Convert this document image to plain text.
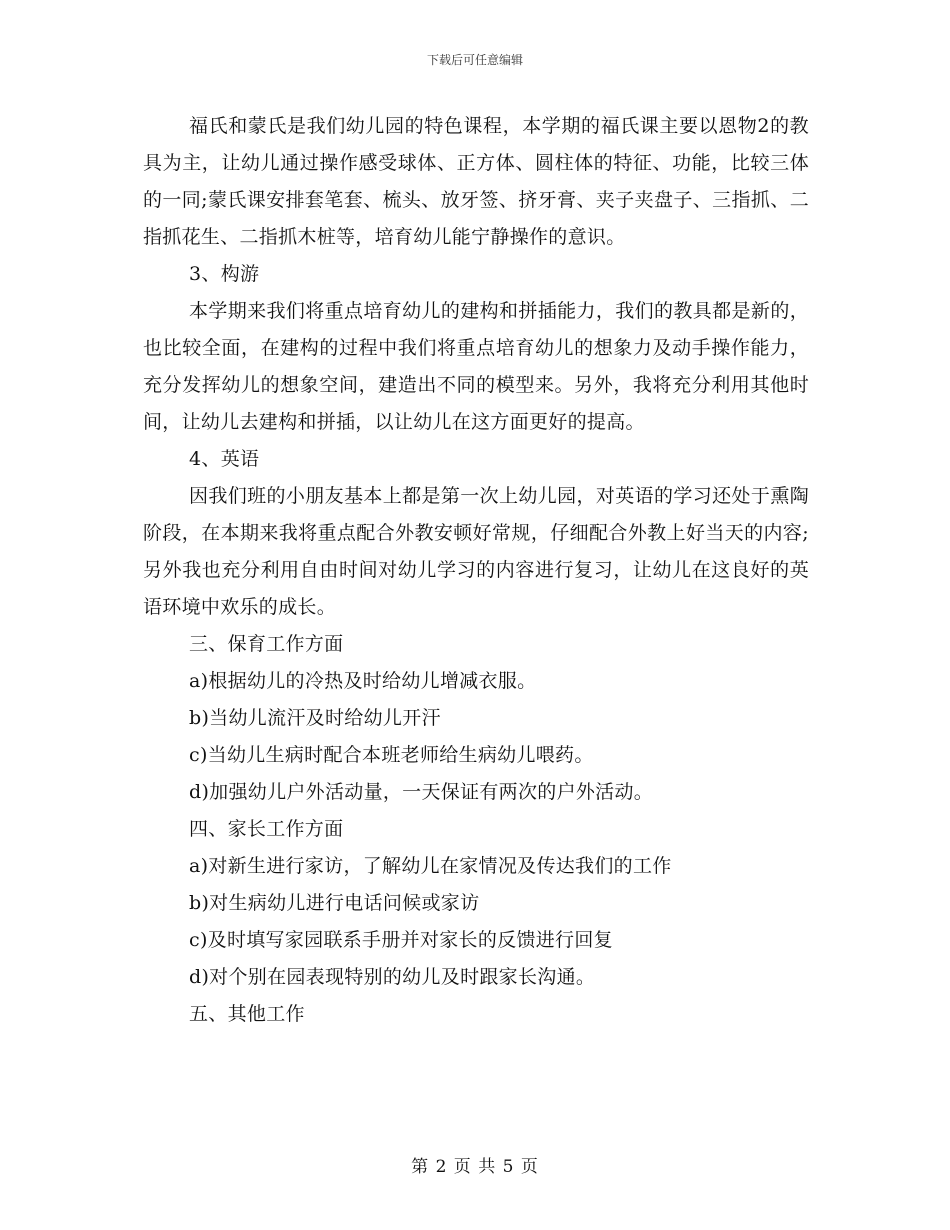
下载后可任意编辑

福氏和蒙氏是我们幼儿园的特色课程，本学期的福氏课主要以恩物2的教具为主，让幼儿通过操作感受球体、正方体、圆柱体的特征、功能，比较三体的一同;蒙氏课安排套笔套、梳头、放牙签、挤牙膏、夹子夹盘子、三指抓、二指抓花生、二指抓木桩等，培育幼儿能宁静操作的意识。

3、构游

本学期来我们将重点培育幼儿的建构和拼插能力，我们的教具都是新的，也比较全面，在建构的过程中我们将重点培育幼儿的想象力及动手操作能力，充分发挥幼儿的想象空间，建造出不同的模型来。另外，我将充分利用其他时间，让幼儿去建构和拼插，以让幼儿在这方面更好的提高。

4、英语

因我们班的小朋友基本上都是第一次上幼儿园，对英语的学习还处于熏陶阶段，在本期来我将重点配合外教安顿好常规，仔细配合外教上好当天的内容;另外我也充分利用自由时间对幼儿学习的内容进行复习，让幼儿在这良好的英语环境中欢乐的成长。

三、保育工作方面

a)根据幼儿的冷热及时给幼儿增减衣服。

b)当幼儿流汗及时给幼儿开汗

c)当幼儿生病时配合本班老师给生病幼儿喂药。

d)加强幼儿户外活动量，一天保证有两次的户外活动。

四、家长工作方面

a)对新生进行家访，了解幼儿在家情况及传达我们的工作

b)对生病幼儿进行电话问候或家访

c)及时填写家园联系手册并对家长的反馈进行回复

d)对个别在园表现特别的幼儿及时跟家长沟通。

五、其他工作

第 2 页 共 5 页
